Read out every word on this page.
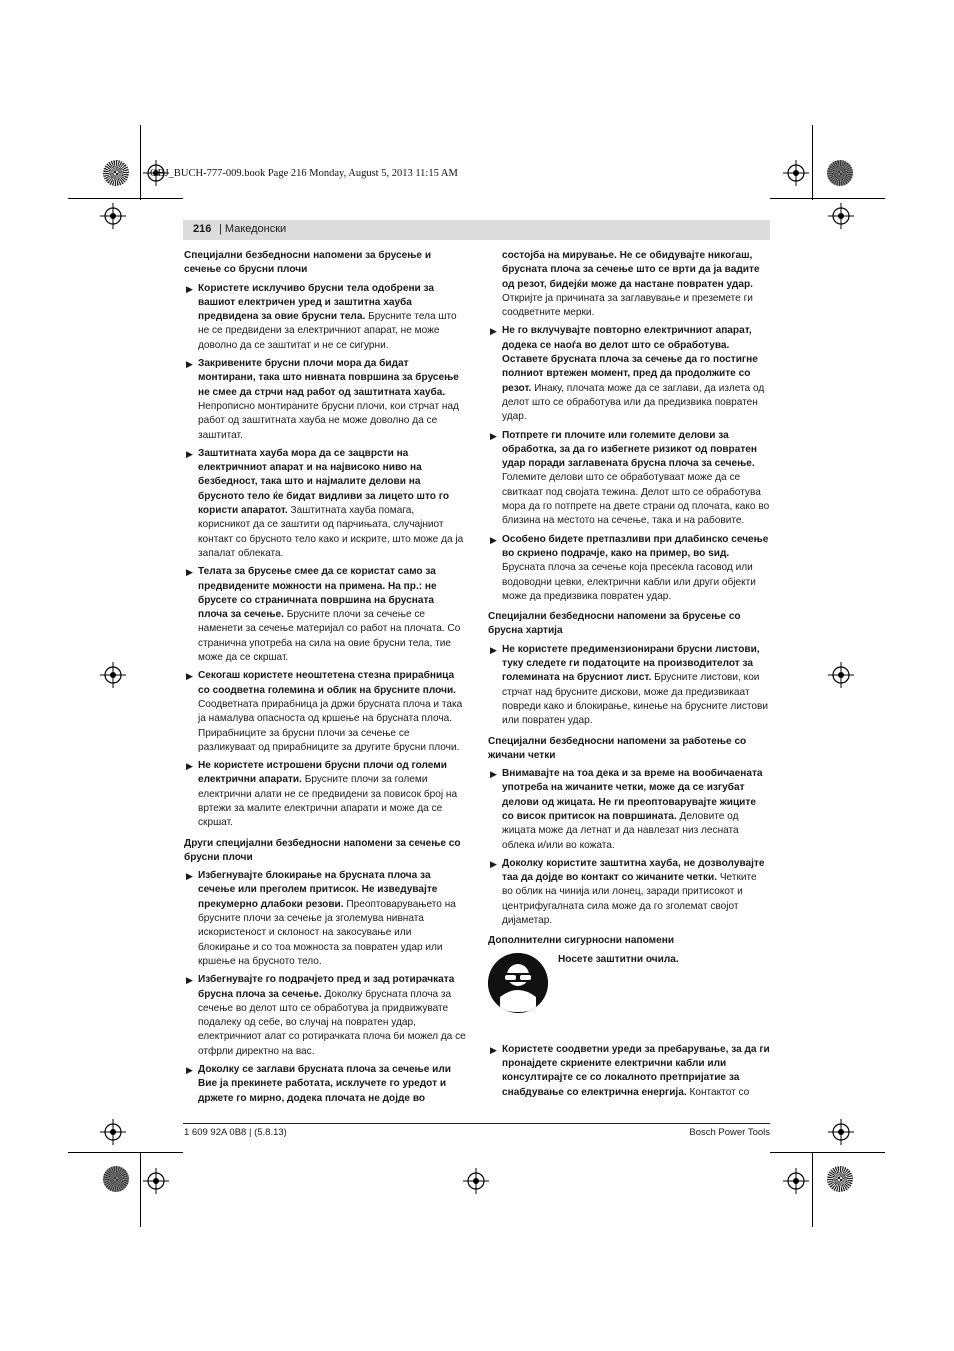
OBJ_BUCH-777-009.book Page 216 Monday, August 5, 2013 11:15 AM
216 | Македонски
Специјални безбедносни напомени за брусење и сечење со брусни плочи
▶ Користете исклучиво брусни тела одобрени за вашиот електричен уред и заштитна хауба предвидена за овие брусни тела. Брусните тела што не се предвидени за електричниот апарат, не може доволно да се заштитат и не се сигурни.
▶ Закривените брусни плочи мора да бидат монтирани, така што нивната површина за брусење не смее да стрчи над работ од заштитната хауба. Непрописно монтираните брусни плочи, кои стрчат над работ од заштитната хауба не може доволно да се заштитат.
▶ Заштитната хауба мора да се зацврсти на електричниот апарат и на највисоко ниво на безбедност, така што и најмалите делови на брусното тело ќе бидат видливи за лицето што го користи апаратот. Заштитната хауба помага, корисникот да се заштити од парчињата, случајниот контакт со брусното тело како и искрите, што може да ја запалат облеката.
▶ Телата за брусење смее да се користат само за предвидените можности на примена. На пр.: не брусете со страничната површина на брусната плоча за сечење. Брусните плочи за сечење се наменети за сечење материјал со работ на плочата. Со странична употреба на сила на овие брусни тела, тие може да се скршат.
▶ Секогаш користете неоштетена стезна прирабница со соодветна големина и облик на брусните плочи. Соодветната прирабница ја држи брусната плоча и така ја намалува опасноста од кршење на брусната плоча. Прирабниците за брусни плочи за сечење се разликуваат од прирабниците за другите брусни плочи.
▶ Не користете истрошени брусни плочи од големи електрични апарати. Брусните плочи за големи електрични алати не се предвидени за повисок број на вртежи за малите електрични апарати и може да се скршат.
Други специјални безбедносни напомени за сечење со брусни плочи
▶ Избегнувајте блокирање на брусната плоча за сечење или преголем притисок. Не изведувајте прекумерно длабоки резови. Преоптоварувањето на брусните плочи за сечење ја зголемува нивната искористеност и склоност на закосување или блокирање и со тоа можноста за повратен удар или кршење на брусното тело.
▶ Избегнувајте го подрачјето пред и зад ротирачката брусна плоча за сечење. Доколку брусната плоча за сечење во делот што се обработува ја придвижувате подалеку од себе, во случај на повратен удар, електричниот алат со ротирачката плоча би можел да се отфрли директно на вас.
▶ Доколку се заглави брусната плоча за сечење или Вие ја прекинете работата, исклучете го уредот и држете го мирно, додека плочата не дојде во
состојба на мирување. Не се обидувајте никогаш, брусната плоча за сечење што се врти да ја вадите од резот, бидејќи може да настане повратен удар. Откријте ја причината за заглавување и преземете ги соодветните мерки.
▶ Не го вклучувајте повторно електричниот апарат, додека се наоѓа во делот што се обработува. Оставете брусната плоча за сечење да го постигне полниот вртежен момент, пред да продолжите со резот. Инаку, плочата може да се заглави, да излета од делот што се обработува или да предизвика повратен удар.
▶ Потпрете ги плочите или големите делови за обработка, за да го избегнете ризикот од повратен удар поради заглавената брусна плоча за сечење. Големите делови што се обработуваат може да се свиткаат под својата тежина. Делот што се обработува мора да го потпрете на двете страни од плочата, како во близина на местото на сечење, така и на рабовите.
▶ Особено бидете претпазливи при длабинско сечење во скриено подрачје, како на пример, во ѕид. Брусната плоча за сечење која пресекла гасовод или водоводни цевки, електрични кабли или други објекти може да предизвика повратен удар.
Специјални безбедносни напомени за брусење со брусна хартија
▶ Не користете предимензионирани брусни листови, туку следете ги податоците на производителот за големината на брусниот лист. Брусните листови, кои стрчат над брусните дискови, може да предизвикаат повреди како и блокирање, кинење на брусните листови или повратен удар.
Специјални безбедносни напомени за работење со жичани четки
▶ Внимавајте на тоа дека и за време на вообичаената употреба на жичаните четки, може да се изгубат делови од жицата. Не ги преоптоварувајте жиците со висок притисок на површината. Деловите од жицата може да летнат и да навлезат низ лесната облека и/или во кожата.
▶ Доколку користите заштитна хауба, не дозволувајте таа да дојде во контакт со жичаните четки. Четките во облик на чинија или лонец, заради притисокот и центрифугалната сила може да го зголемат својот дијаметар.
Дополнителни сигурносни напомени
Носете заштитни очила.
▶ Користете соодветни уреди за пребарување, за да ги пронајдете скриените електрични кабли или консултирајте се со локалното претпријатие за снабдување со електрична енергија. Контактот со
1 609 92A 0B8 | (5.8.13)	Bosch Power Tools
